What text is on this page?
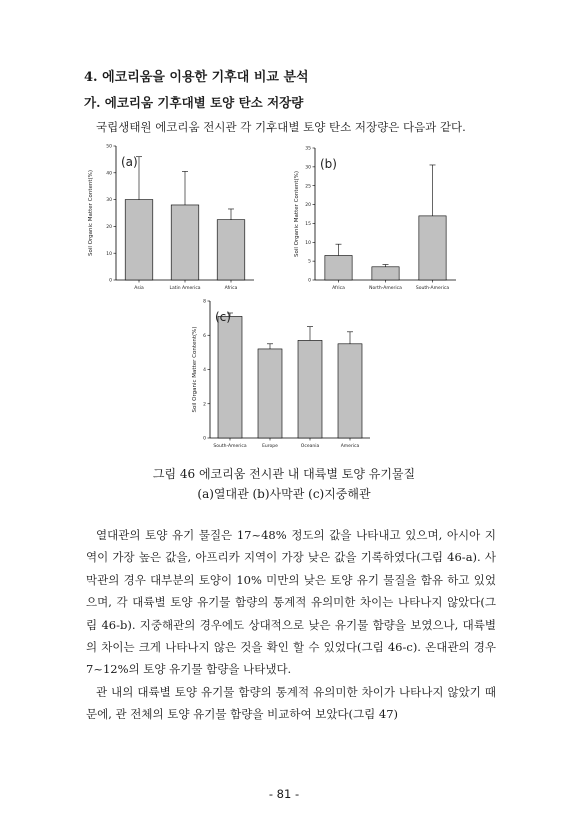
4. 에코리움을 이용한 기후대 비교 분석
가. 에코리움 기후대별 토양 탄소 저장량
국립생태원 에코리움 전시관 각 기후대별 토양 탄소 저장량은 다음과 같다.
0
10
20
30
40
50
Asia	Latin America	Africa
Soil Organic Matter Content(%)
(a)
0
5
10
15
20
25
30
35
Africa	North-America	South-America
Soil Organic Matter Content(%)
(b)
0
2
4
6
8
South-America	Europe	Oceania	America
Soil Organic Matter Content(%)
(c)
그림 46 에코리움 전시관 내 대륙별 토양 유기물질
(a)열대관 (b)사막관 (c)지중해관

열대관의 토양 유기 물질은 17~48% 정도의 값을 나타내고 있으며, 아시아 지역이 가장 높은 값을, 아프리카 지역이 가장 낮은 값을 기록하였다(그림 46-a). 사막관의 경우 대부분의 토양이 10% 미만의 낮은 토양 유기 물질을 함유 하고 있었으며, 각 대륙별 토양 유기물 함량의 통계적 유의미한 차이는 나타나지 않았다(그림 46-b). 지중해관의 경우에도 상대적으로 낮은 유기물 함량을 보였으나, 대륙별의 차이는 크게 나타나지 않은 것을 확인 할 수 있었다(그림 46-c). 온대관의 경우 7~12%의 토양 유기물 함량을 나타냈다.

관 내의 대륙별 토양 유기물 함량의 통계적 유의미한 차이가 나타나지 않았기 때문에, 관 전체의 토양 유기물 함량을 비교하여 보았다(그림 47)

- 81 -
